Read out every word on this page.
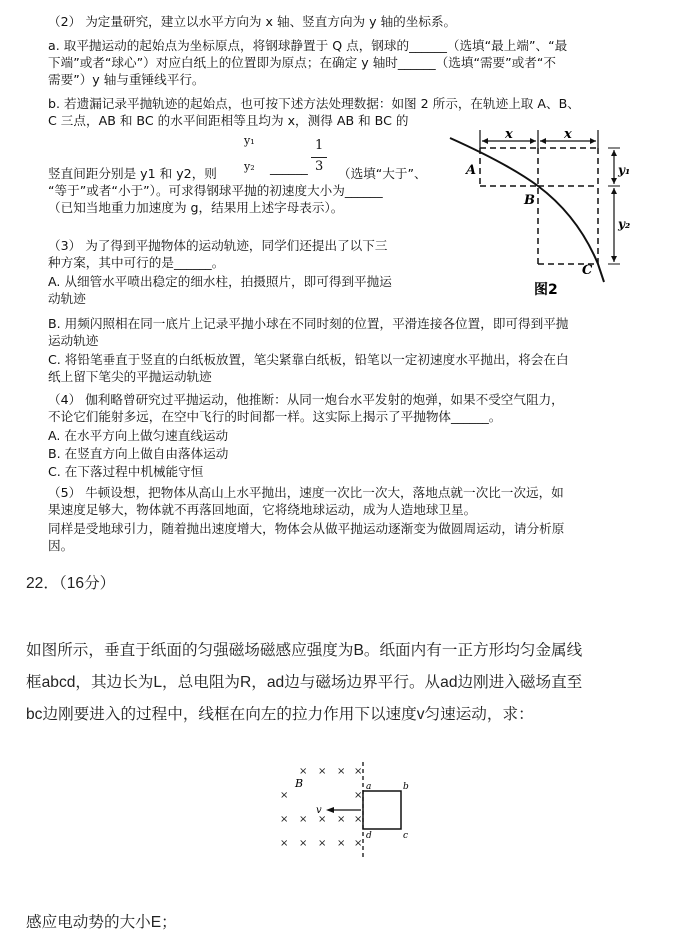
（2） 为定量研究，建立以水平方向为 x 轴、竖直方向为 y 轴的坐标系。
a. 取平抛运动的起始点为坐标原点，将钢球静置于 Q 点，钢球的______（选填“最上端”、“最
下端”或者“球心”）对应白纸上的位置即为原点；在确定 y 轴时______（选填“需要”或者“不
需要”）y 轴与重锤线平行。
b. 若遗漏记录平抛轨迹的起始点，也可按下述方法处理数据：如图 2 所示，在轨迹上取 A、B、
C 三点，AB 和 BC 的水平间距相等且均为 x，测得 AB 和 BC 的
y₁
y₂ ______
1
3
竖直间距分别是 y1 和 y2，则	（选填“大于”、
“等于”或者“小于”）。可求得钢球平抛的初速度大小为______
（已知当地重力加速度为 g，结果用上述字母表示）。
x	x
y₁
y₂
A
B
C
图2
（3） 为了得到平抛物体的运动轨迹，同学们还提出了以下三
种方案，其中可行的是______。
A. 从细管水平喷出稳定的细水柱，拍摄照片，即可得到平抛运
动轨迹
B. 用频闪照相在同一底片上记录平抛小球在不同时刻的位置，平滑连接各位置，即可得到平抛
运动轨迹
C. 将铅笔垂直于竖直的白纸板放置，笔尖紧靠白纸板，铅笔以一定初速度水平抛出，将会在白
纸上留下笔尖的平抛运动轨迹
（4） 伽利略曾研究过平抛运动，他推断：从同一炮台水平发射的炮弹，如果不受空气阻力，
不论它们能射多远，在空中飞行的时间都一样。这实际上揭示了平抛物体______。
A. 在水平方向上做匀速直线运动
B. 在竖直方向上做自由落体运动
C. 在下落过程中机械能守恒
（5） 牛顿设想，把物体从高山上水平抛出，速度一次比一次大，落地点就一次比一次远，如
果速度足够大，物体就不再落回地面，它将绕地球运动，成为人造地球卫星。
同样是受地球引力，随着抛出速度增大，物体会从做平抛运动逐渐变为做圆周运动，请分析原
因。
22．（16分）
如图所示，垂直于纸面的匀强磁场磁感应强度为B。纸面内有一正方形均匀金属线
框abcd，其边长为L，总电阻为R，ad边与磁场边界平行。从ad边刚进入磁场直至
bc边刚要进入的过程中，线框在向左的拉力作用下以速度v匀速运动，求：
× × × ×
×	×
× × × × ×
× × × × ×
v
B	a	b
c
d
感应电动势的大小E；
